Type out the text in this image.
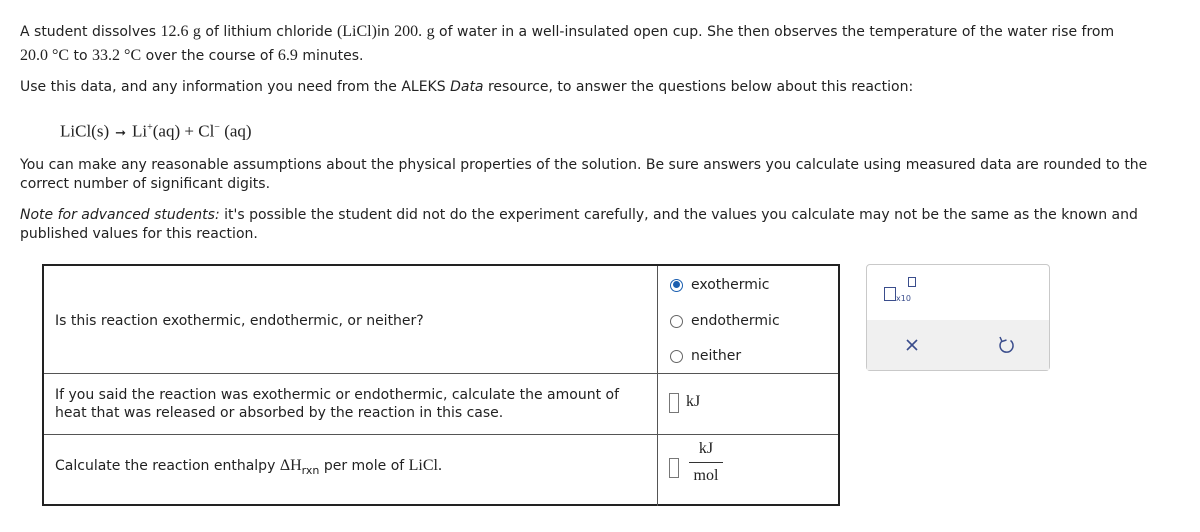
A student dissolves 12.6 g of lithium chloride (LiCl)in 200. g of water in a well-insulated open cup. She then observes the temperature of the water rise from
20.0 °C to 33.2 °C over the course of 6.9 minutes.

Use this data, and any information you need from the ALEKS Data resource, to answer the questions below about this reaction:

LiCl(s) ➞ Li+(aq) + Cl− (aq)

You can make any reasonable assumptions about the physical properties of the solution. Be sure answers you calculate using measured data are rounded to the correct number of significant digits.

Note for advanced students: it's possible the student did not do the experiment carefully, and the values you calculate may not be the same as the known and published values for this reaction.

Is this reaction exothermic, endothermic, or neither?
exothermic
endothermic
neither
If you said the reaction was exothermic or endothermic, calculate the amount of heat that was released or absorbed by the reaction in this case.
kJ
Calculate the reaction enthalpy $\Delta H_{rxn}$ per mole of LiCl.
kJ
mol
x10
